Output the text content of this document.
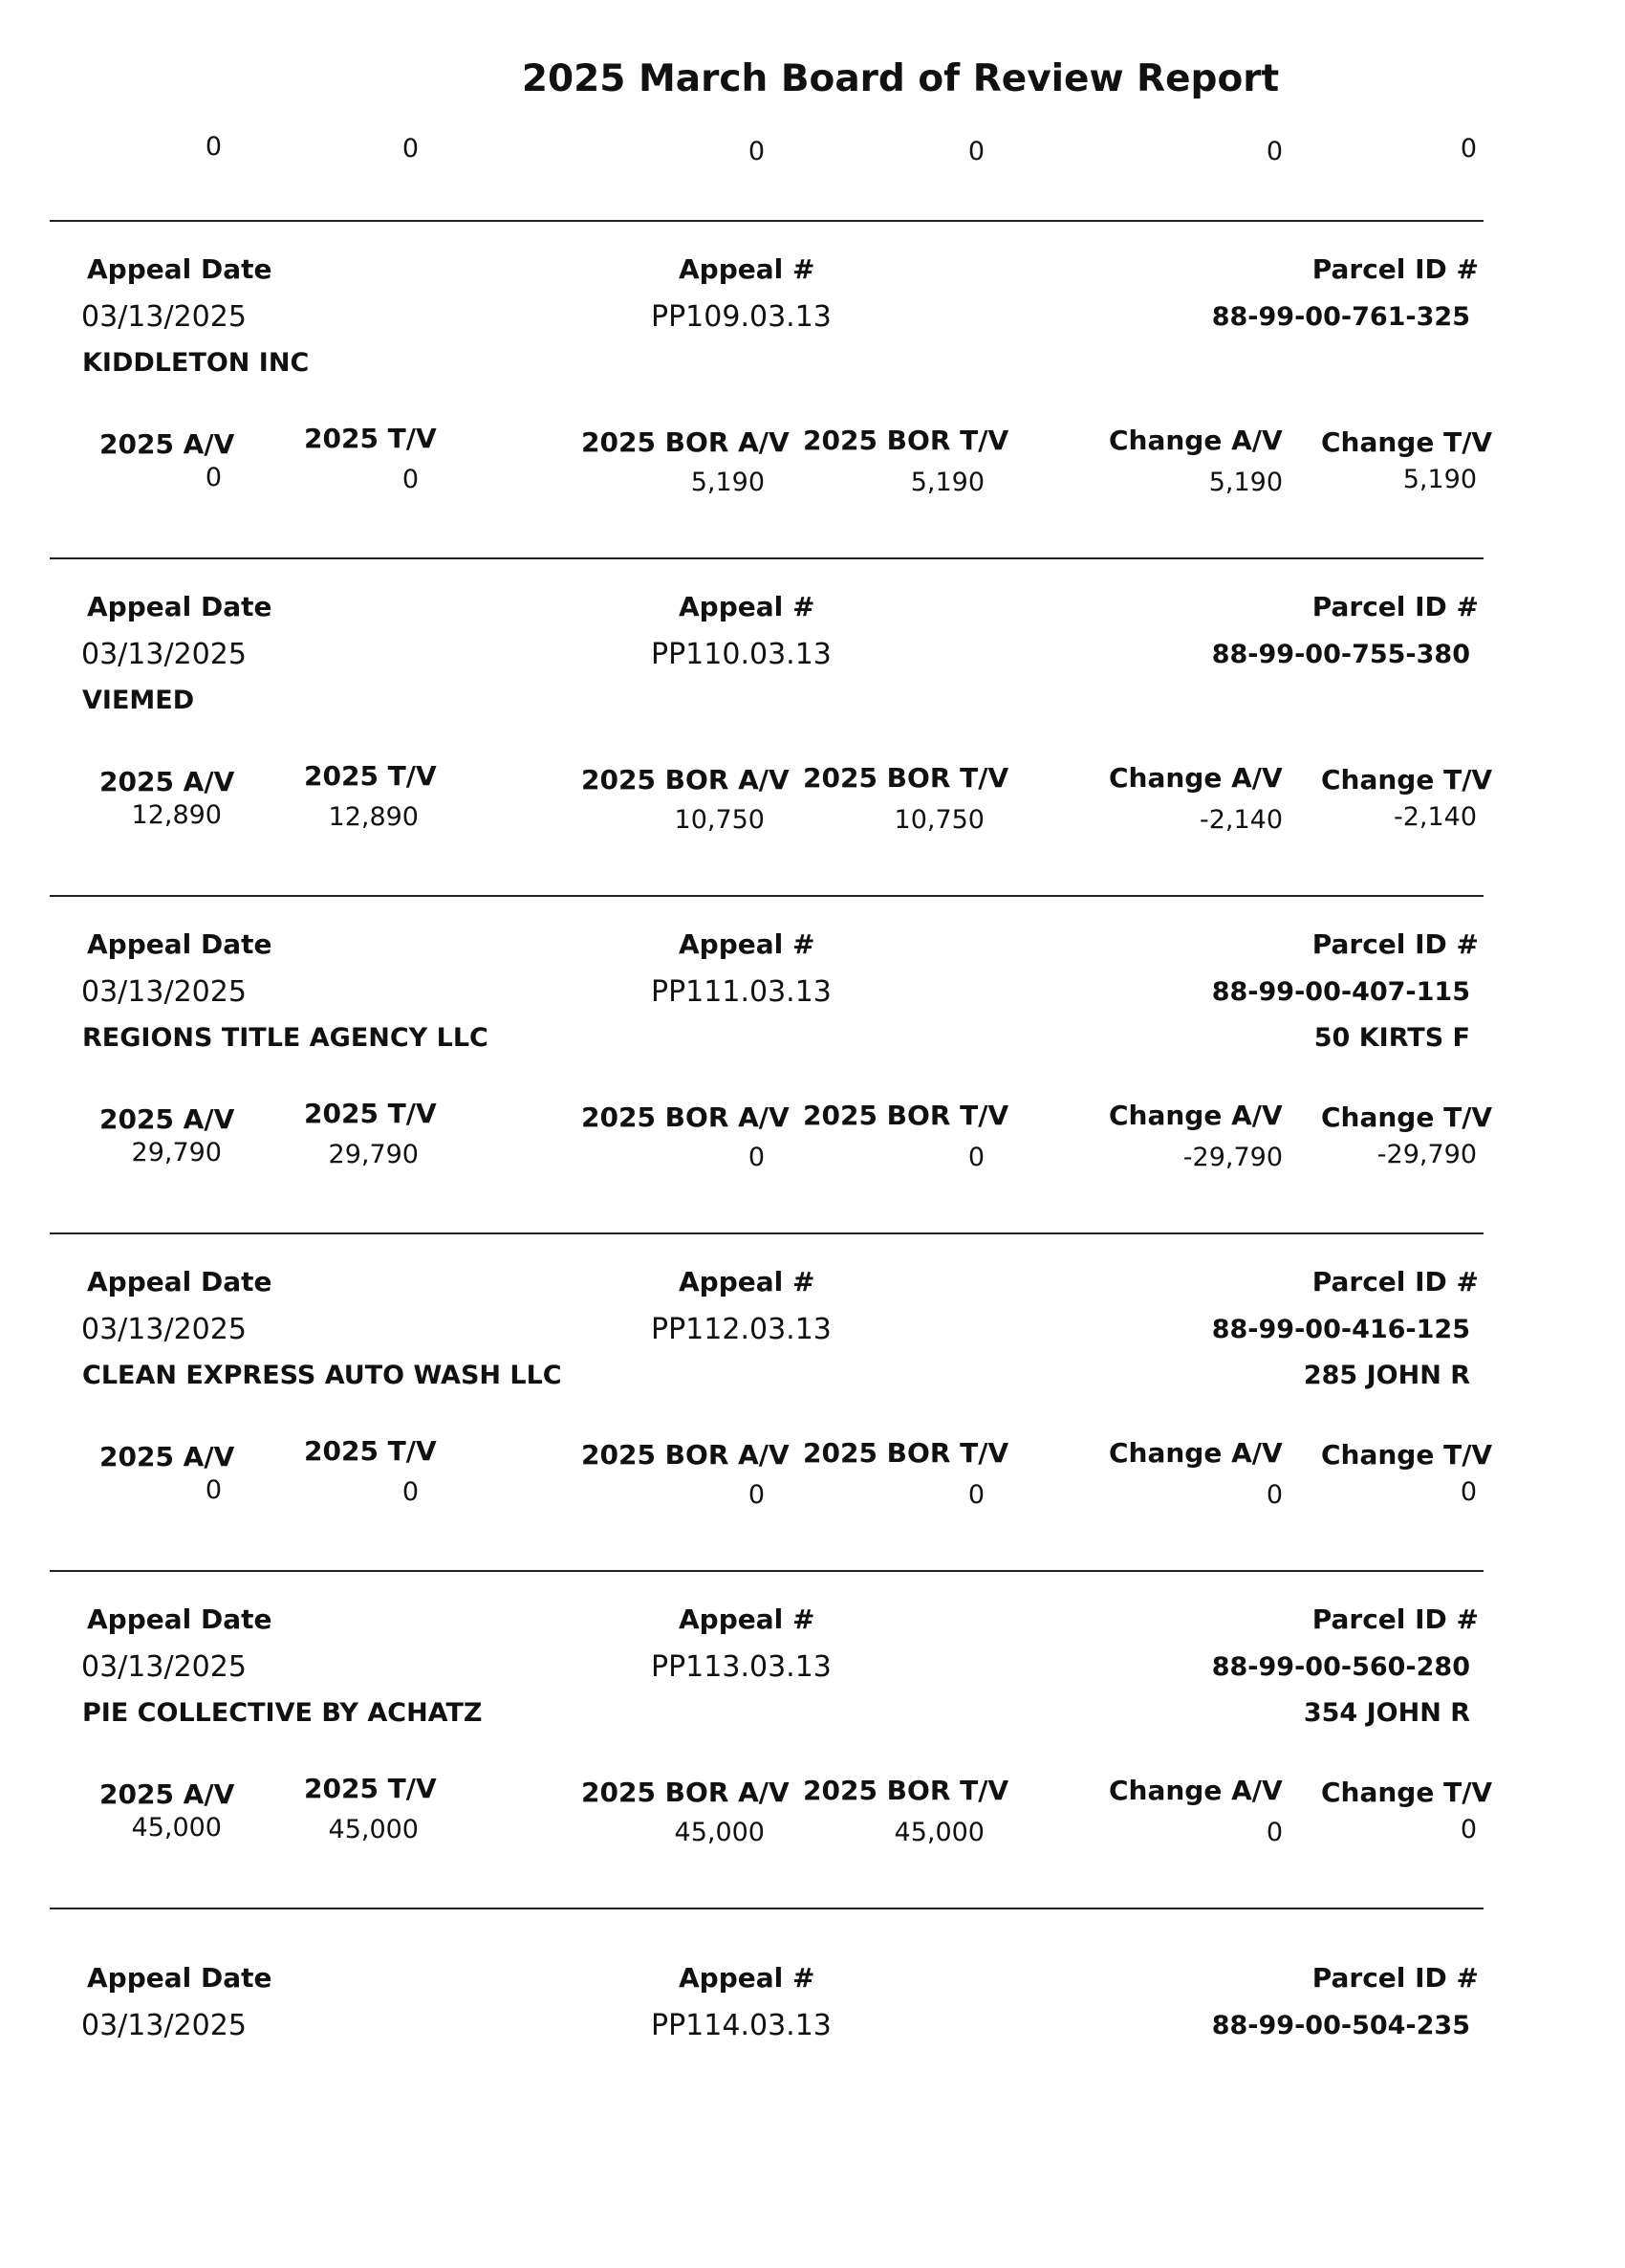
2025 March Board of Review Report
0	0	0	0	0	0
Appeal Date	Appeal #	Parcel ID #
03/13/2025	PP109.03.13	88-99-00-761-325
KIDDLETON INC
2025 A/V	2025 T/V	2025 BOR A/V 2025 BOR T/V	Change A/V Change T/V
0	0	5,190	5,190	5,190	5,190
Appeal Date	Appeal #	Parcel ID #
03/13/2025	PP110.03.13	88-99-00-755-380
VIEMED
2025 A/V	2025 T/V	2025 BOR A/V 2025 BOR T/V	Change A/V Change T/V
12,890	12,890	10,750	10,750	-2,140	-2,140
Appeal Date	Appeal #	Parcel ID #
03/13/2025	PP111.03.13	88-99-00-407-115
REGIONS TITLE AGENCY LLC	50 KIRTS F
2025 A/V	2025 T/V	2025 BOR A/V 2025 BOR T/V	Change A/V Change T/V
29,790	29,790	0	0	-29,790	-29,790
Appeal Date	Appeal #	Parcel ID #
03/13/2025	PP112.03.13	88-99-00-416-125
CLEAN EXPRESS AUTO WASH LLC	285 JOHN R
2025 A/V	2025 T/V	2025 BOR A/V 2025 BOR T/V	Change A/V Change T/V
0	0	0	0	0	0
Appeal Date	Appeal #	Parcel ID #
03/13/2025	PP113.03.13	88-99-00-560-280
PIE COLLECTIVE BY ACHATZ	354 JOHN R
2025 A/V	2025 T/V	2025 BOR A/V 2025 BOR T/V	Change A/V Change T/V
45,000	45,000	45,000	45,000	0	0
Appeal Date	Appeal #	Parcel ID #
03/13/2025	PP114.03.13	88-99-00-504-235
